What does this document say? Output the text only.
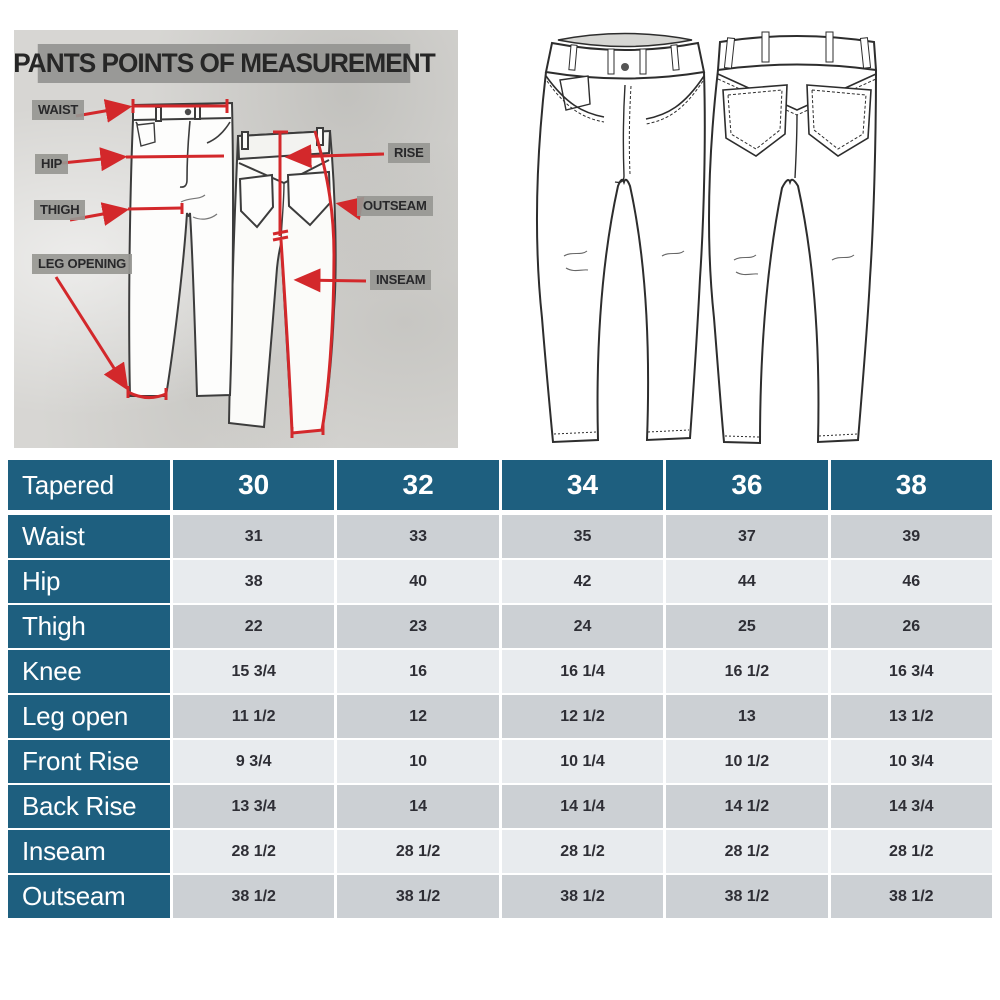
PANTS POINTS OF MEASUREMENT
WAIST
HIP
THIGH
LEG OPENING
RISE
OUTSEAM
INSEAM
Tapered	30	32	34	36	38
Waist	31	33	35	37	39
Hip	38	40	42	44	46
Thigh	22	23	24	25	26
Knee	15 3/4	16	16 1/4	16 1/2	16 3/4
Leg open	11 1/2	12	12 1/2	13	13 1/2
Front Rise	9 3/4	10	10 1/4	10 1/2	10 3/4
Back Rise	13 3/4	14	14 1/4	14 1/2	14 3/4
Inseam	28 1/2	28 1/2	28 1/2	28 1/2	28 1/2
Outseam	38 1/2	38 1/2	38 1/2	38 1/2	38 1/2
